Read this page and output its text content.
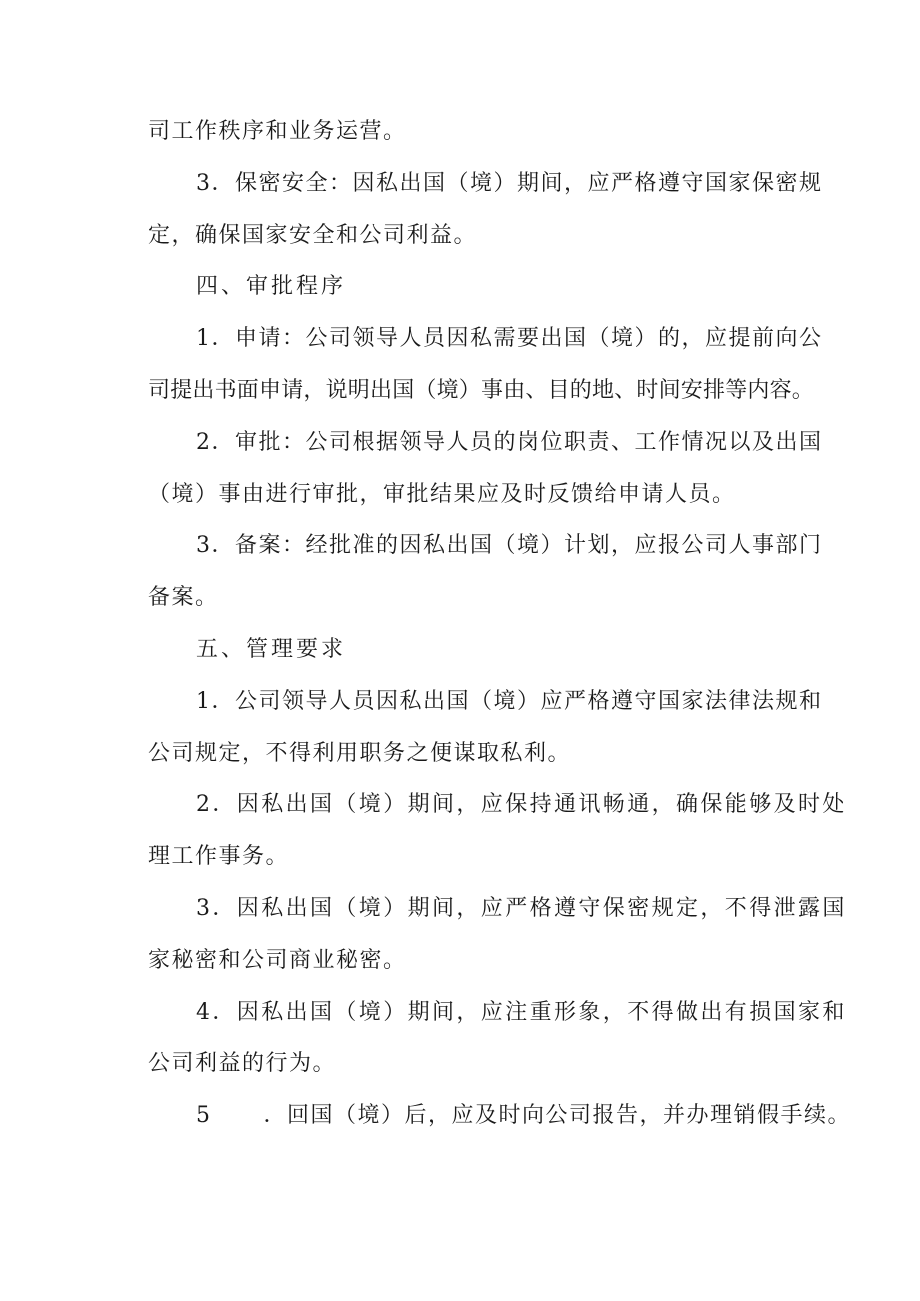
司工作秩序和业务运营。
3．保密安全：因私出国（境）期间，应严格遵守国家保密规
定，确保国家安全和公司利益。
四、审批程序
1．申请：公司领导人员因私需要出国（境）的，应提前向公
司提出书面申请，说明出国（境）事由、目的地、时间安排等内容。
2．审批：公司根据领导人员的岗位职责、工作情况以及出国
（境）事由进行审批，审批结果应及时反馈给申请人员。
3．备案：经批准的因私出国（境）计划，应报公司人事部门
备案。
五、管理要求
1．公司领导人员因私出国（境）应严格遵守国家法律法规和
公司规定，不得利用职务之便谋取私利。
2．因私出国（境）期间，应保持通讯畅通，确保能够及时处
理工作事务。
3．因私出国（境）期间，应严格遵守保密规定，不得泄露国
家秘密和公司商业秘密。
4．因私出国（境）期间，应注重形象，不得做出有损国家和
公司利益的行为。
5 ．回国（境）后，应及时向公司报告，并办理销假手续。
